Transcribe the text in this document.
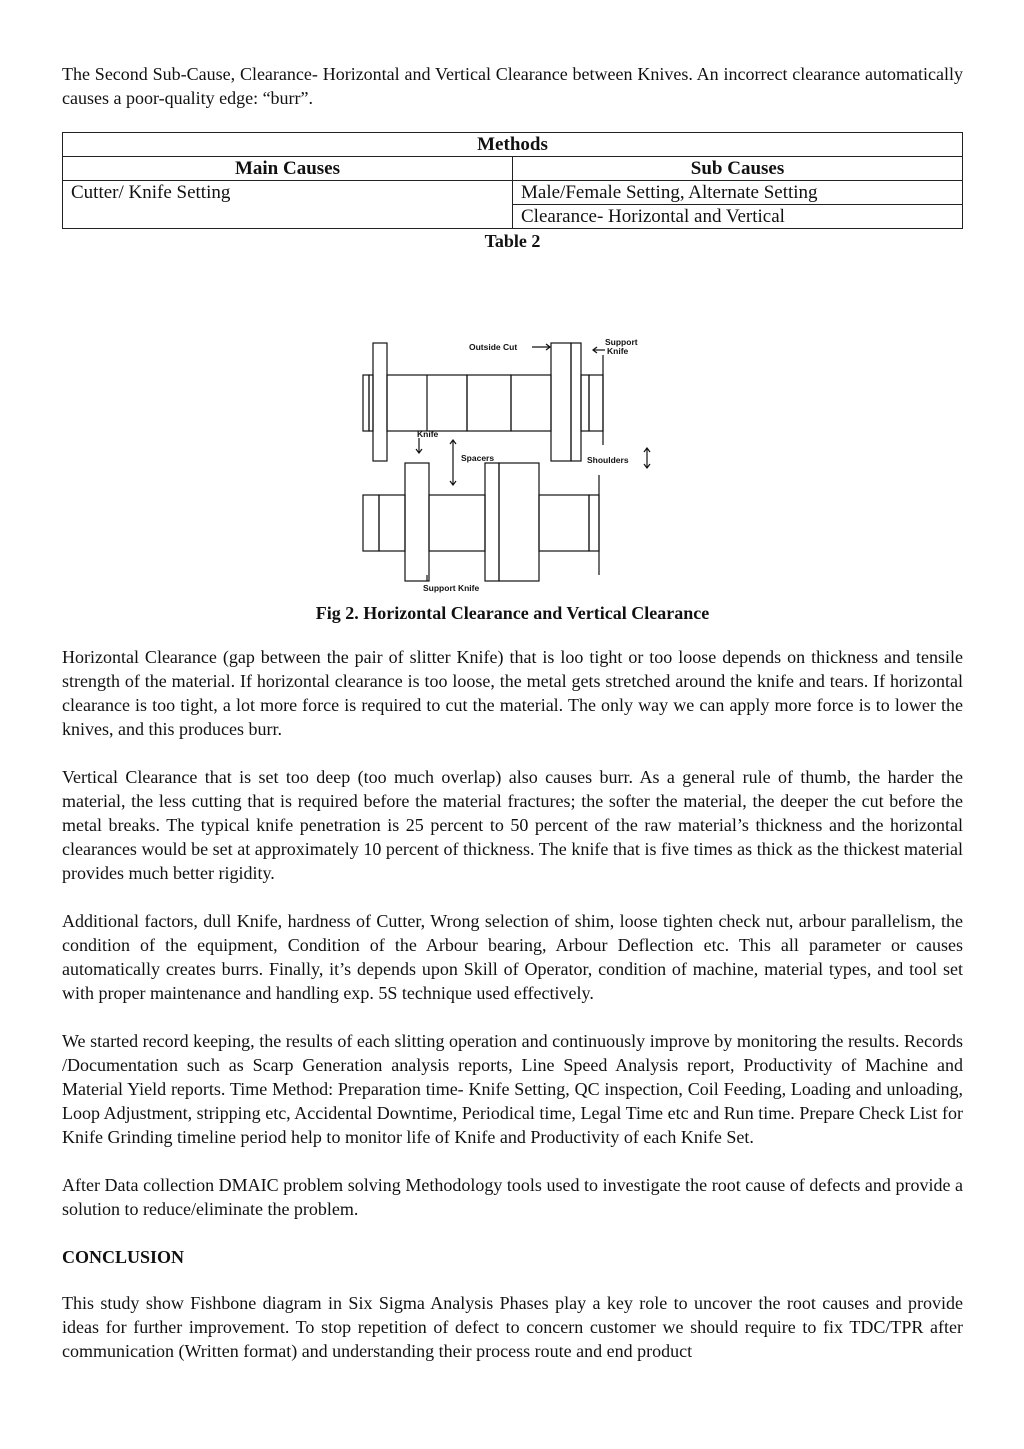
The Second Sub-Cause, Clearance- Horizontal and Vertical Clearance between Knives. An incorrect clearance automatically causes a poor-quality edge: “burr”.

Methods	
Main Causes	Sub Causes
Cutter/ Knife Setting	Male/Female Setting, Alternate Setting
	Clearance- Horizontal and Vertical
Table 2
Outside Cut	Support
Knife
Knife
Spacers	Shoulders
Support Knife
Fig 2. Horizontal Clearance and Vertical Clearance

Horizontal Clearance (gap between the pair of slitter Knife) that is loo tight or too loose depends on thickness and tensile strength of the material. If horizontal clearance is too loose, the metal gets stretched around the knife and tears. If horizontal clearance is too tight, a lot more force is required to cut the material. The only way we can apply more force is to lower the knives, and this produces burr.

Vertical Clearance that is set too deep (too much overlap) also causes burr. As a general rule of thumb, the harder the material, the less cutting that is required before the material fractures; the softer the material, the deeper the cut before the metal breaks. The typical knife penetration is 25 percent to 50 percent of the raw material’s thickness and the horizontal clearances would be set at approximately 10 percent of thickness. The knife that is five times as thick as the thickest material provides much better rigidity.

Additional factors, dull Knife, hardness of Cutter, Wrong selection of shim, loose tighten check nut, arbour parallelism, the condition of the equipment, Condition of the Arbour bearing, Arbour Deflection etc. This all parameter or causes automatically creates burrs. Finally, it’s depends upon Skill of Operator, condition of machine, material types, and tool set with proper maintenance and handling exp. 5S technique used effectively.

We started record keeping, the results of each slitting operation and continuously improve by monitoring the results. Records /Documentation such as Scarp Generation analysis reports, Line Speed Analysis report, Productivity of Machine and Material Yield reports. Time Method: Preparation time- Knife Setting, QC inspection, Coil Feeding, Loading and unloading, Loop Adjustment, stripping etc, Accidental Downtime, Periodical time, Legal Time etc and Run time. Prepare Check List for Knife Grinding timeline period help to monitor life of Knife and Productivity of each Knife Set.

After Data collection DMAIC problem solving Methodology tools used to investigate the root cause of defects and provide a solution to reduce/eliminate the problem.

CONCLUSION

This study show Fishbone diagram in Six Sigma Analysis Phases play a key role to uncover the root causes and provide ideas for further improvement. To stop repetition of defect to concern customer we should require to fix TDC/TPR after communication (Written format) and understanding their process route and end product
